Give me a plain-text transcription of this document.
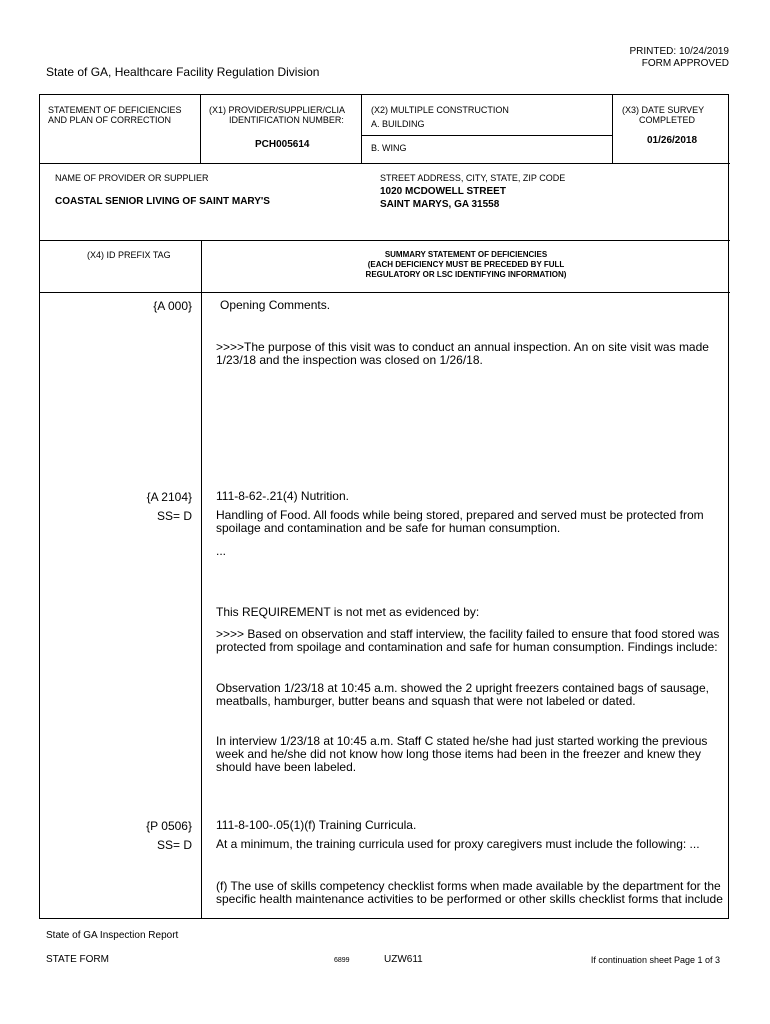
PRINTED: 10/24/2019
FORM APPROVED
State of GA, Healthcare Facility Regulation Division
STATEMENT OF DEFICIENCIES
AND PLAN OF CORRECTION
(X1) PROVIDER/SUPPLIER/CLIA
IDENTIFICATION NUMBER:
PCH005614
(X2) MULTIPLE CONSTRUCTION
A. BUILDING
B. WING
(X3) DATE SURVEY
COMPLETED
01/26/2018
NAME OF PROVIDER OR SUPPLIER
COASTAL SENIOR LIVING OF SAINT MARY'S
STREET ADDRESS, CITY, STATE, ZIP CODE
1020 MCDOWELL STREET
SAINT MARYS, GA 31558
(X4) ID PREFIX TAG	SUMMARY STATEMENT OF DEFICIENCIES
(EACH DEFICIENCY MUST BE PRECEDED BY FULL
REGULATORY OR LSC IDENTIFYING INFORMATION)
{A 000} Opening Comments.
>>>>The purpose of this visit was to conduct an annual inspection. An on site visit was made 1/23/18 and the inspection was closed on 1/26/18.
{A 2104}
SS= D
111-8-62-.21(4) Nutrition.
Handling of Food. All foods while being stored, prepared and served must be protected from spoilage and contamination and be safe for human consumption.
...
This REQUIREMENT is not met as evidenced by:
>>>> Based on observation and staff interview, the facility failed to ensure that food stored was protected from spoilage and contamination and safe for human consumption. Findings include:
Observation 1/23/18 at 10:45 a.m. showed the 2 upright freezers contained bags of sausage, meatballs, hamburger, butter beans and squash that were not labeled or dated.
In interview 1/23/18 at 10:45 a.m. Staff C stated he/she had just started working the previous week and he/she did not know how long those items had been in the freezer and knew they should have been labeled.
{P 0506}
SS= D
111-8-100-.05(1)(f) Training Curricula.
At a minimum, the training curricula used for proxy caregivers must include the following: ...
(f) The use of skills competency checklist forms when made available by the department for the specific health maintenance activities to be performed or other skills checklist forms that include
State of GA Inspection Report
STATE FORM	6899	UZW611	If continuation sheet Page 1 of 3
